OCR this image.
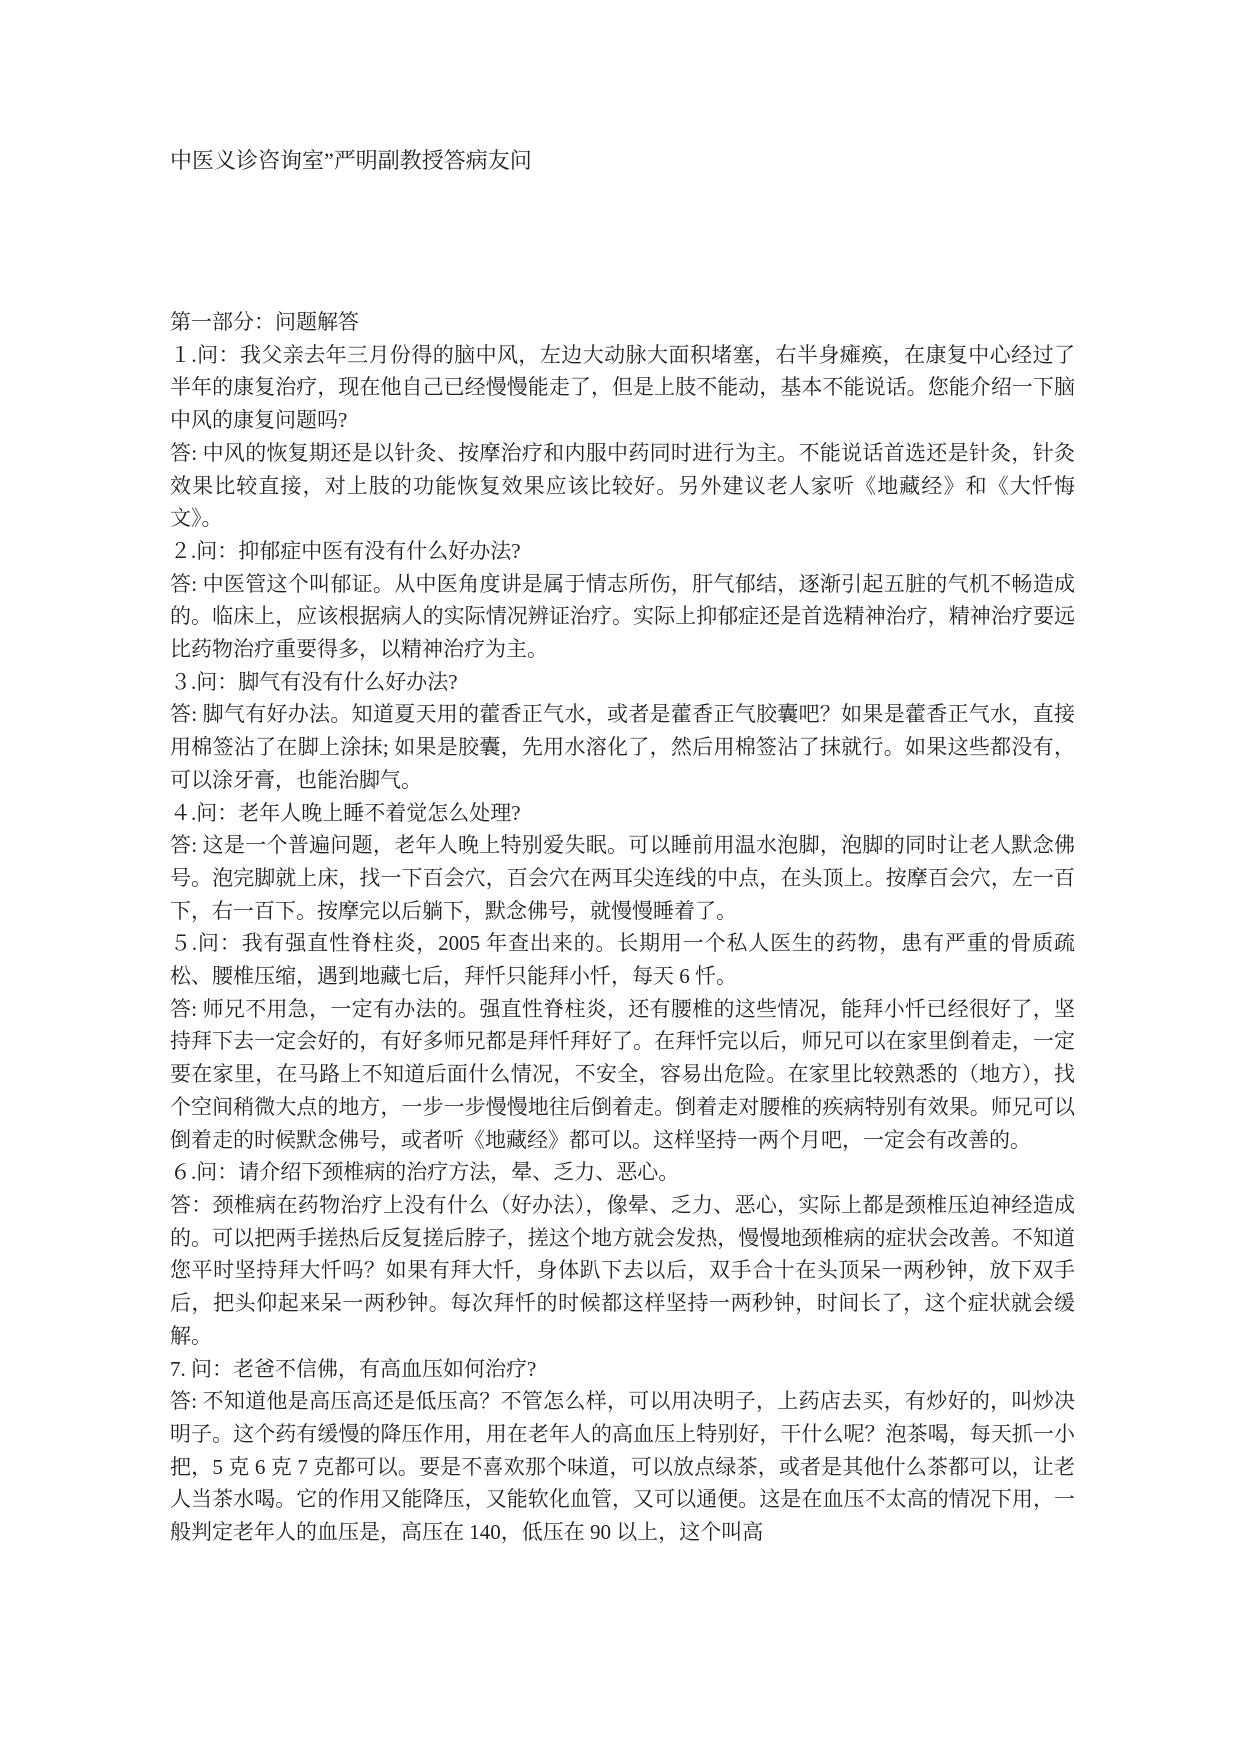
中医义诊咨询室”严明副教授答病友问

第一部分：问题解答

１.问：我父亲去年三月份得的脑中风，左边大动脉大面积堵塞，右半身瘫痪，在康复中心经过了半年的康复治疗，现在他自己已经慢慢能走了，但是上肢不能动，基本不能说话。您能介绍一下脑中风的康复问题吗?

答: 中风的恢复期还是以针灸、按摩治疗和内服中药同时进行为主。不能说话首选还是针灸，针灸效果比较直接，对上肢的功能恢复效果应该比较好。另外建议老人家听《地藏经》和《大忏悔文》。

２.问：抑郁症中医有没有什么好办法?

答: 中医管这个叫郁证。从中医角度讲是属于情志所伤，肝气郁结，逐渐引起五脏的气机不畅造成的。临床上，应该根据病人的实际情况辨证治疗。实际上抑郁症还是首选精神治疗，精神治疗要远比药物治疗重要得多，以精神治疗为主。

３.问：脚气有没有什么好办法?

答: 脚气有好办法。知道夏天用的藿香正气水，或者是藿香正气胶囊吧？如果是藿香正气水，直接用棉签沾了在脚上涂抹; 如果是胶囊，先用水溶化了，然后用棉签沾了抹就行。如果这些都没有，可以涂牙膏，也能治脚气。

４.问：老年人晚上睡不着觉怎么处理?

答: 这是一个普遍问题，老年人晚上特别爱失眠。可以睡前用温水泡脚，泡脚的同时让老人默念佛号。泡完脚就上床，找一下百会穴，百会穴在两耳尖连线的中点，在头顶上。按摩百会穴，左一百下，右一百下。按摩完以后躺下，默念佛号，就慢慢睡着了。

５.问：我有强直性脊柱炎，2005 年查出来的。长期用一个私人医生的药物，患有严重的骨质疏松、腰椎压缩，遇到地藏七后，拜忏只能拜小忏，每天 6 忏。

答: 师兄不用急，一定有办法的。强直性脊柱炎，还有腰椎的这些情况，能拜小忏已经很好了，坚持拜下去一定会好的，有好多师兄都是拜忏拜好了。在拜忏完以后，师兄可以在家里倒着走，一定要在家里，在马路上不知道后面什么情况，不安全，容易出危险。在家里比较熟悉的（地方），找个空间稍微大点的地方，一步一步慢慢地往后倒着走。倒着走对腰椎的疾病特别有效果。师兄可以倒着走的时候默念佛号，或者听《地藏经》都可以。这样坚持一两个月吧，一定会有改善的。

６.问：请介绍下颈椎病的治疗方法，晕、乏力、恶心。

答：颈椎病在药物治疗上没有什么（好办法），像晕、乏力、恶心，实际上都是颈椎压迫神经造成的。可以把两手搓热后反复搓后脖子，搓这个地方就会发热，慢慢地颈椎病的症状会改善。不知道您平时坚持拜大忏吗？如果有拜大忏，身体趴下去以后，双手合十在头顶呆一两秒钟，放下双手后，把头仰起来呆一两秒钟。每次拜忏的时候都这样坚持一两秒钟，时间长了，这个症状就会缓解。

7. 问：老爸不信佛，有高血压如何治疗?

答: 不知道他是高压高还是低压高？不管怎么样，可以用决明子，上药店去买，有炒好的，叫炒决明子。这个药有缓慢的降压作用，用在老年人的高血压上特别好，干什么呢？泡茶喝，每天抓一小把，5 克 6 克 7 克都可以。要是不喜欢那个味道，可以放点绿茶，或者是其他什么茶都可以，让老人当茶水喝。它的作用又能降压，又能软化血管，又可以通便。这是在血压不太高的情况下用，一般判定老年人的血压是，高压在 140，低压在 90 以上，这个叫高
